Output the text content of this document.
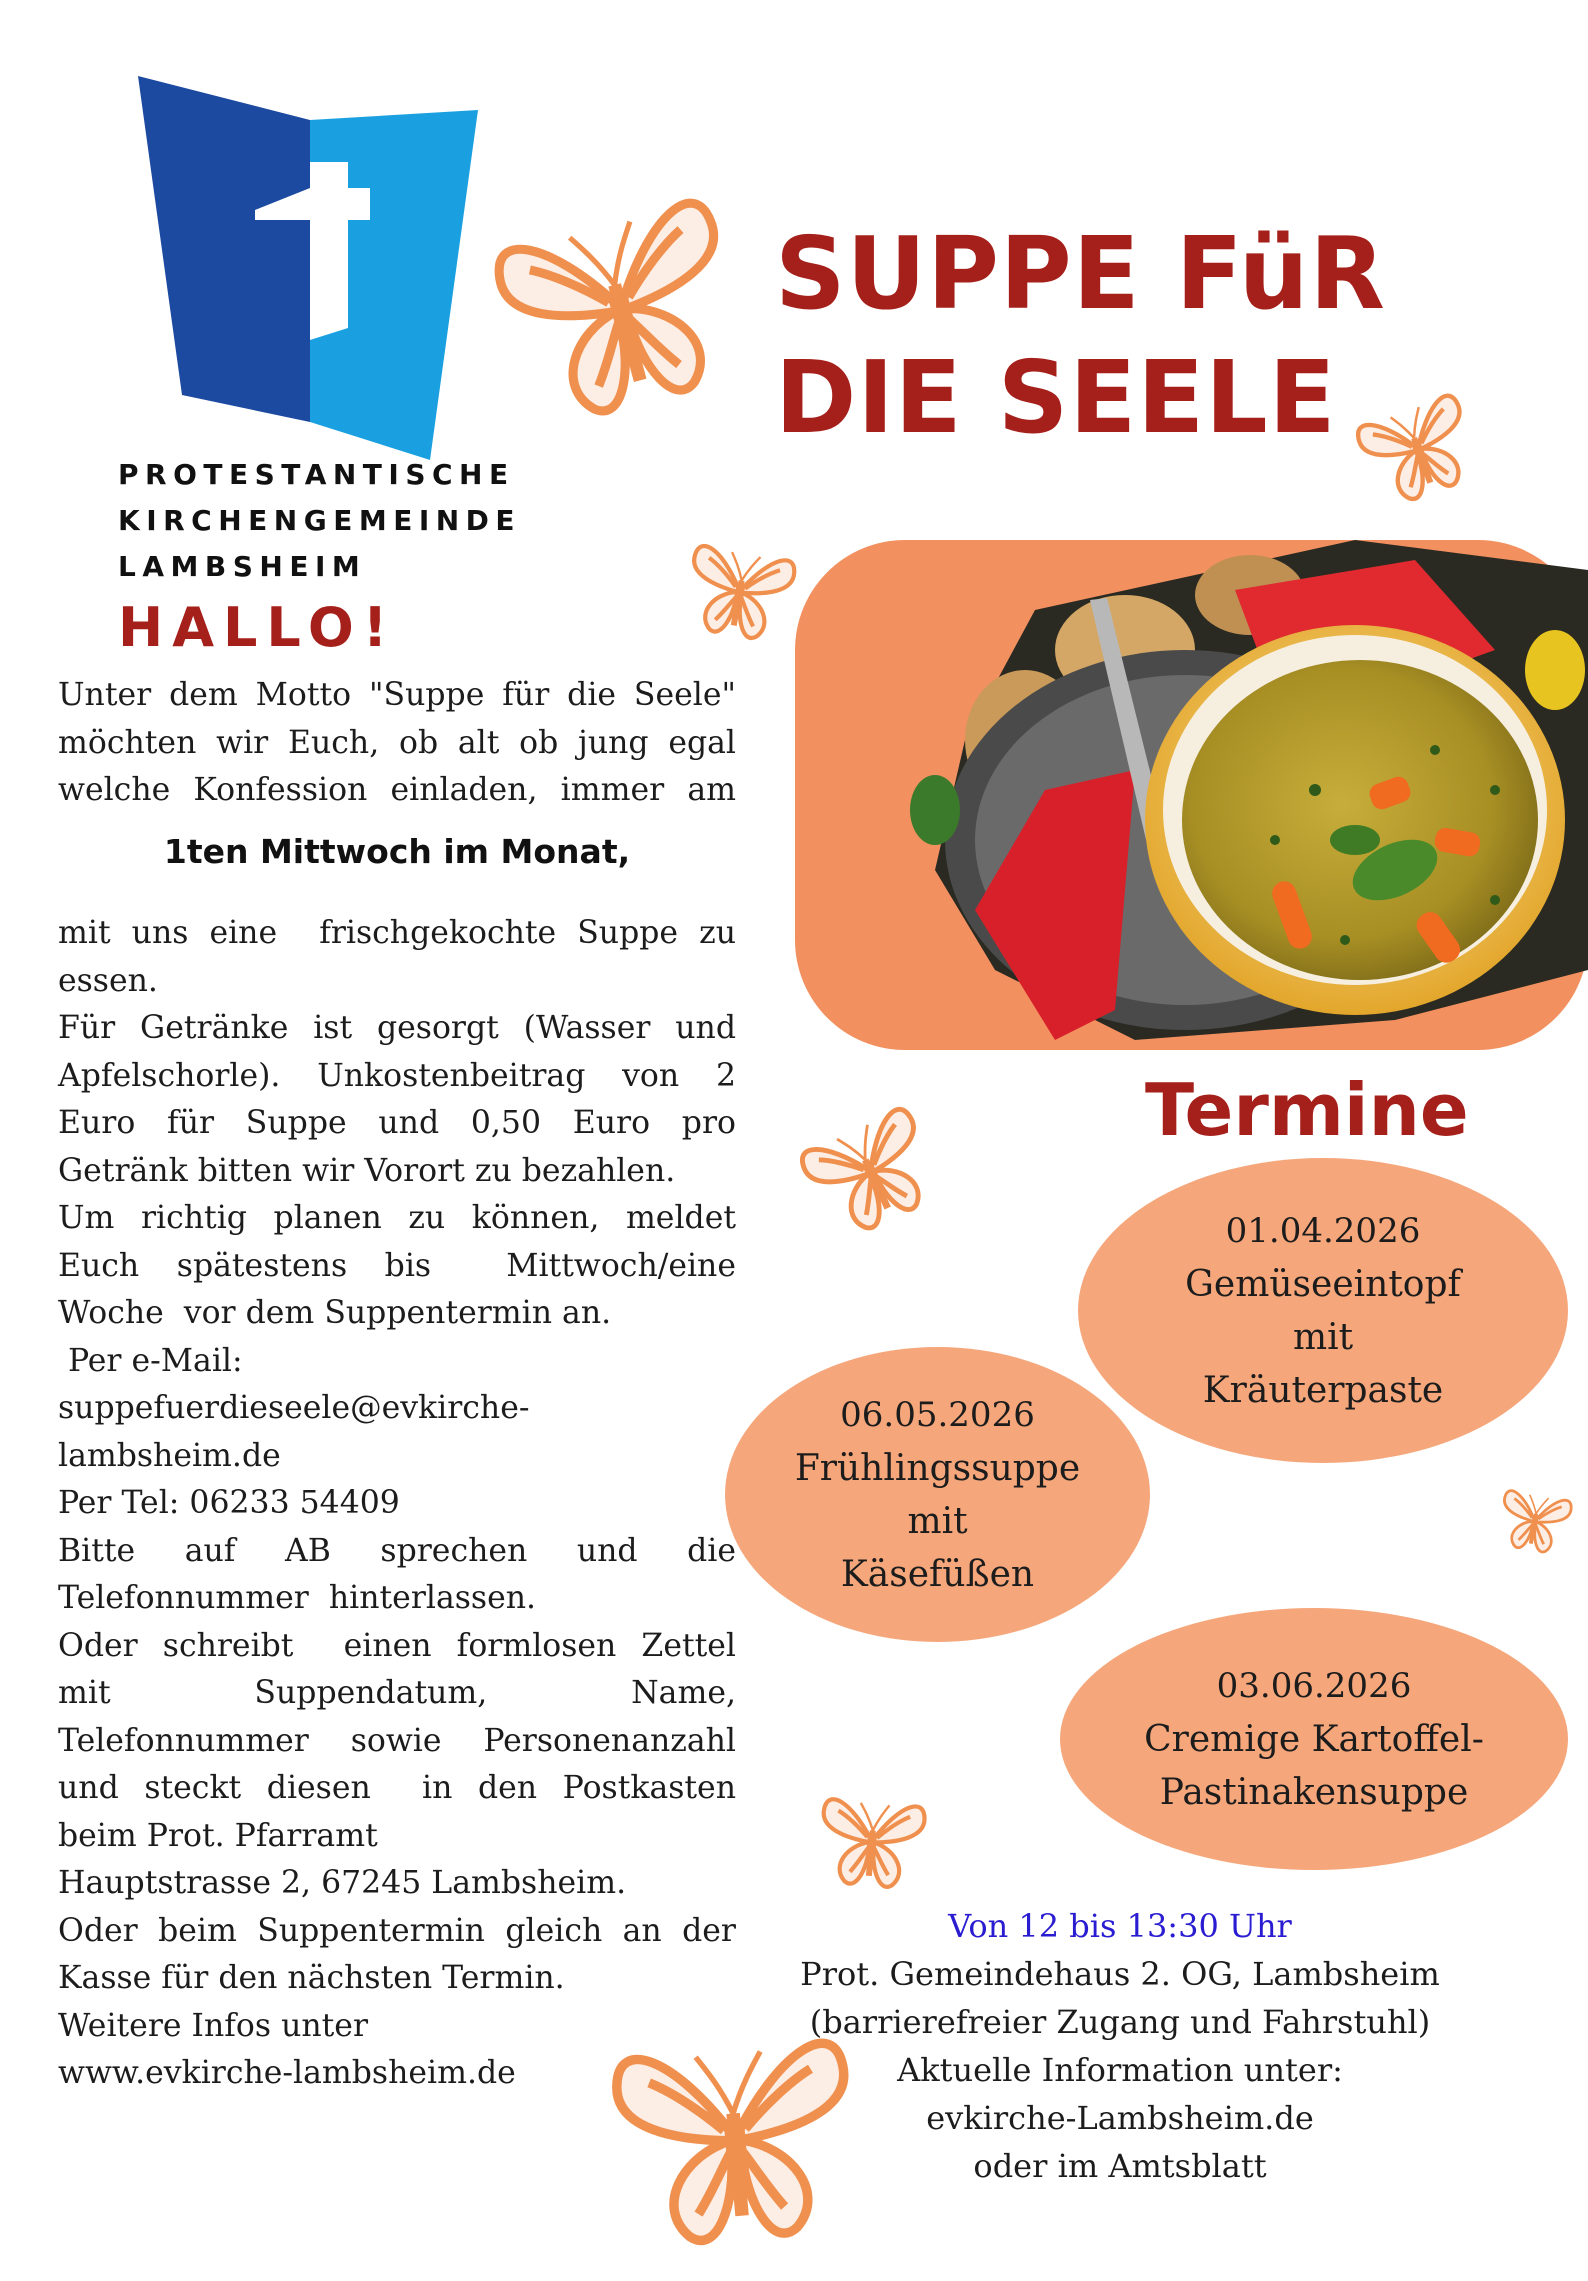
PROTESTANTISCHE
KIRCHENGEMEINDE
LAMBSHEIM
SUPPE FüR
DIE SEELE
HALLO!
Unter dem Motto "Suppe für die Seele"
möchten wir Euch, ob alt ob jung egal
welche Konfession einladen, immer am
1ten Mittwoch im Monat,
mit uns eine  frischgekochte Suppe zu
essen.
Für Getränke ist gesorgt (Wasser und
Apfelschorle). Unkostenbeitrag von 2
Euro für Suppe und 0,50 Euro pro
Getränk bitten wir Vorort zu bezahlen.
Um richtig planen zu können, meldet
Euch spätestens bis  Mittwoch/eine
Woche  vor dem Suppentermin an.
Per e-Mail:
suppefuerdieseele@evkirche-
lambsheim.de
Per Tel: 06233 54409
Bitte auf AB sprechen und die
Telefonnummer  hinterlassen.
Oder schreibt  einen formlosen Zettel
mit Suppendatum, Name,
Telefonnummer sowie Personenanzahl
und steckt diesen  in den Postkasten
beim Prot. Pfarramt
Hauptstrasse 2, 67245 Lambsheim.
Oder beim Suppentermin gleich an der
Kasse für den nächsten Termin.
Weitere Infos unter
www.evkirche-lambsheim.de
Termine
01.04.2026
Gemüseeintopf
mit
Kräuterpaste
06.05.2026
Frühlingssuppe
mit
Käsefüßen
03.06.2026
Cremige Kartoffel-
Pastinakensuppe
Von 12 bis 13:30 Uhr
Prot. Gemeindehaus 2. OG, Lambsheim
(barrierefreier Zugang und Fahrstuhl)
Aktuelle Information unter:
evkirche-Lambsheim.de
oder im Amtsblatt
